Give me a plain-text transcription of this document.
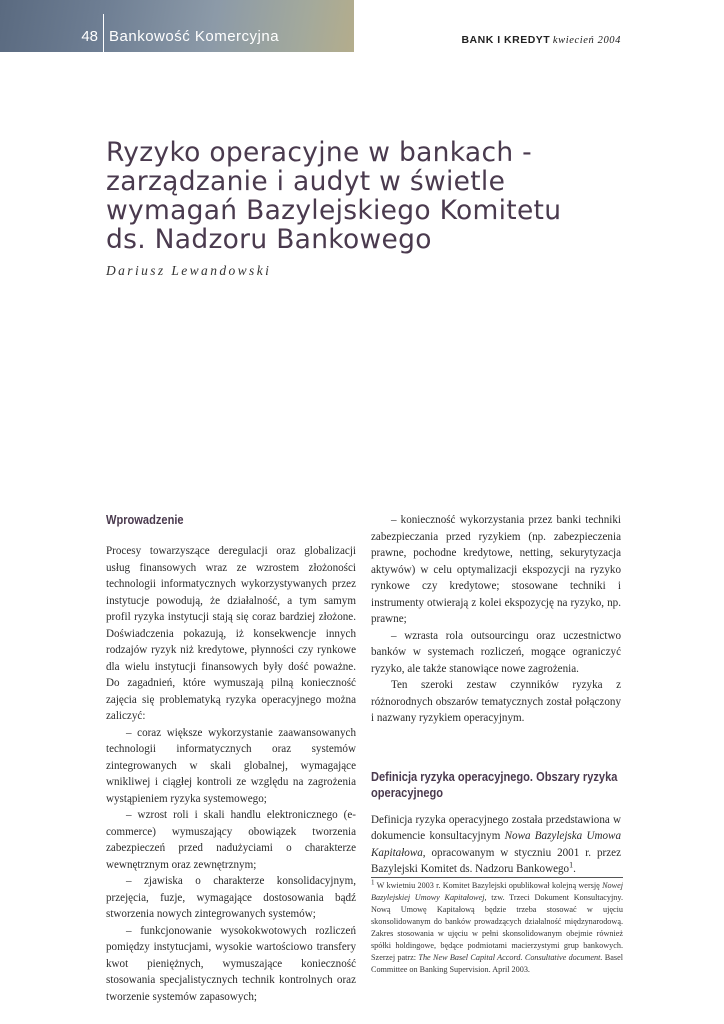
48 Bankowość Komercyjna	BANK I KREDYT kwiecień 2004
Ryzyko operacyjne w bankach -
zarządzanie i audyt w świetle
wymagań Bazylejskiego Komitetu
ds. Nadzoru Bankowego
Dariusz Lewandowski
Wprowadzenie

Procesy towarzyszące deregulacji oraz globalizacji usług finansowych wraz ze wzrostem złożoności technologii informatycznych wykorzystywanych przez instytucje powodują, że działalność, a tym samym profil ryzyka instytucji stają się coraz bardziej złożone. Doświadczenia pokazują, iż konsekwencje innych rodzajów ryzyk niż kredytowe, płynności czy rynkowe dla wielu instytucji finansowych były dość poważne. Do zagadnień, które wymuszają pilną konieczność zajęcia się problematyką ryzyka operacyjnego można zaliczyć:

– coraz większe wykorzystanie zaawansowanych technologii informatycznych oraz systemów zintegrowanych w skali globalnej, wymagające wnikliwej i ciągłej kontroli ze względu na zagrożenia wystąpieniem ryzyka systemowego;

– wzrost roli i skali handlu elektronicznego (e-commerce) wymuszający obowiązek tworzenia zabezpieczeń przed nadużyciami o charakterze wewnętrznym oraz zewnętrznym;

– zjawiska o charakterze konsolidacyjnym, przejęcia, fuzje, wymagające dostosowania bądź stworzenia nowych zintegrowanych systemów;

– funkcjonowanie wysokokwotowych rozliczeń pomiędzy instytucjami, wysokie wartościowo transfery kwot pieniężnych, wymuszające konieczność stosowania specjalistycznych technik kontrolnych oraz tworzenie systemów zapasowych;

– konieczność wykorzystania przez banki techniki zabezpieczania przed ryzykiem (np. zabezpieczenia prawne, pochodne kredytowe, netting, sekurytyzacja aktywów) w celu optymalizacji ekspozycji na ryzyko rynkowe czy kredytowe; stosowane techniki i instrumenty otwierają z kolei ekspozycję na ryzyko, np. prawne;

– wzrasta rola outsourcingu oraz uczestnictwo banków w systemach rozliczeń, mogące ograniczyć ryzyko, ale także stanowiące nowe zagrożenia.

Ten szeroki zestaw czynników ryzyka z różnorodnych obszarów tematycznych został połączony i nazwany ryzykiem operacyjnym.

Definicja ryzyka operacyjnego. Obszary ryzyka operacyjnego

Definicja ryzyka operacyjnego została przedstawiona w dokumencie konsultacyjnym Nowa Bazylejska Umowa Kapitałowa, opracowanym w styczniu 2001 r. przez Bazylejski Komitet ds. Nadzoru Bankowego$^1$.

$^1$ W kwietniu 2003 r. Komitet Bazylejski opublikował kolejną wersję Nowej Bazylejskiej Umowy Kapitałowej, tzw. Trzeci Dokument Konsultacyjny. Nową Umowę Kapitałową będzie trzeba stosować w ujęciu skonsolidowanym do banków prowadzących działalność międzynarodową. Zakres stosowania w ujęciu w pełni skonsolidowanym obejmie również spółki holdingowe, będące podmiotami macierzystymi grup bankowych. Szerzej patrz: The New Basel Capital Accord. Consultative document. Basel Committee on Banking Supervision. April 2003.
